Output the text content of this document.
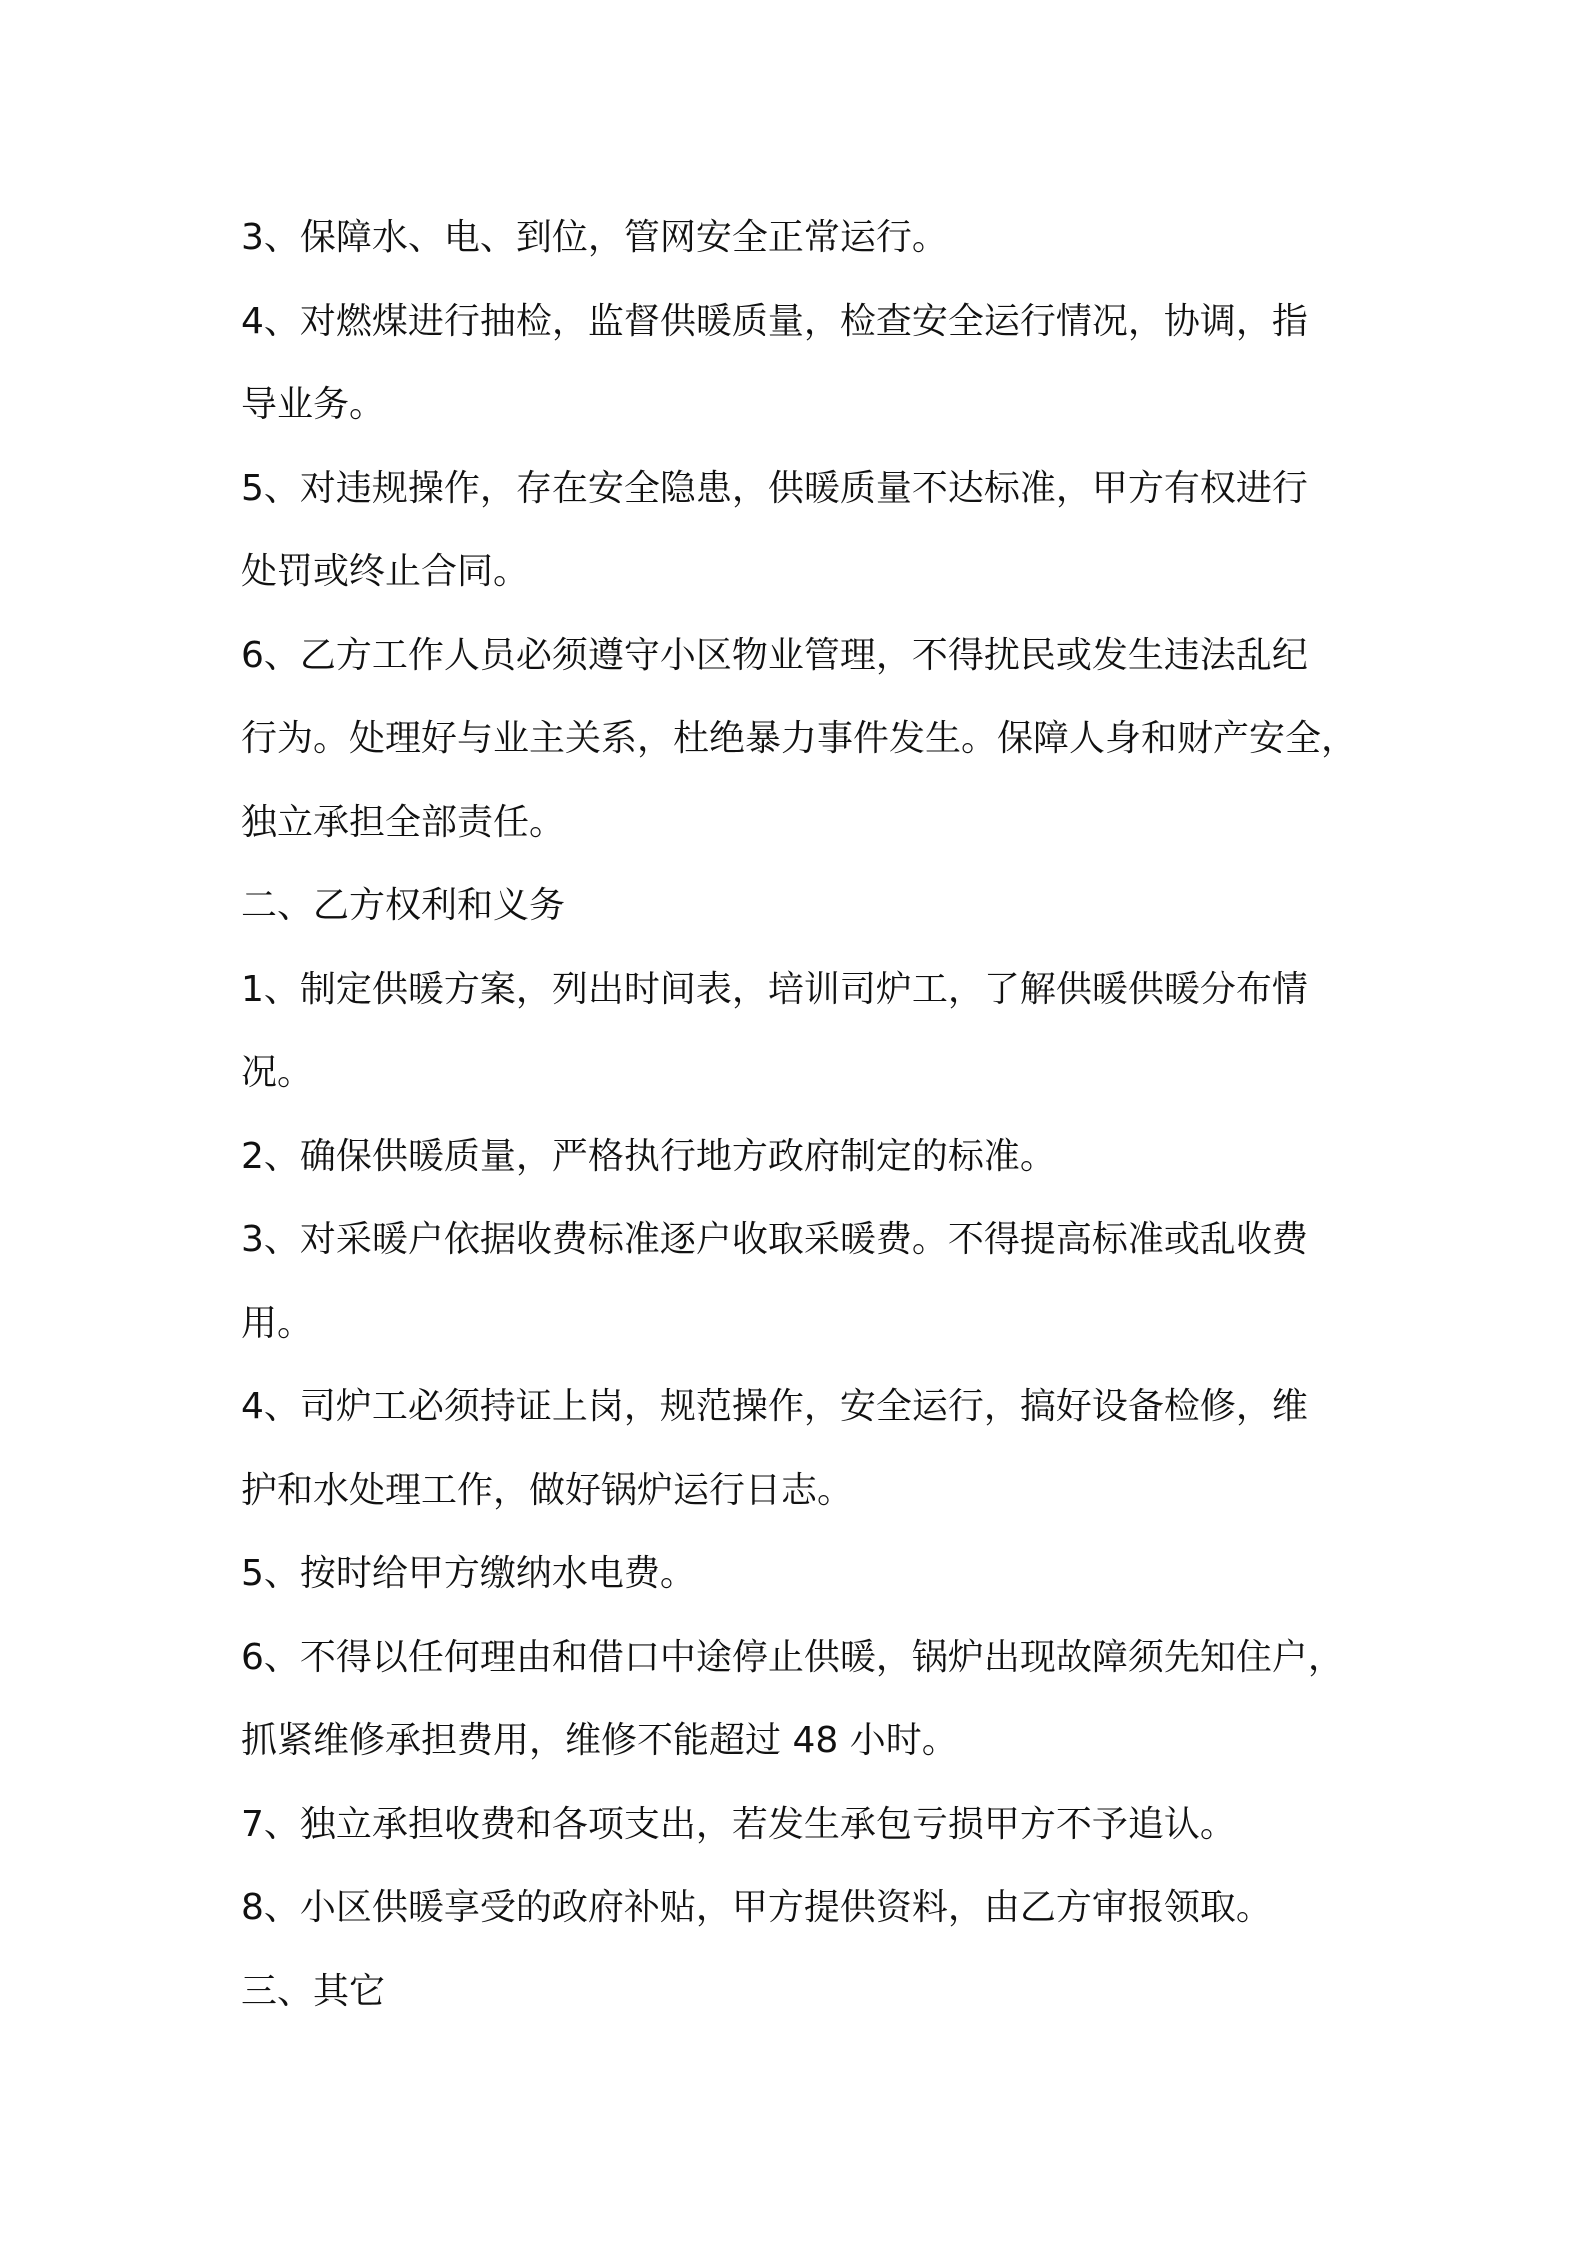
3、保障水、电、到位，管网安全正常运行。

4、对燃煤进行抽检，监督供暖质量，检查安全运行情况，协调，指
导业务。

5、对违规操作，存在安全隐患，供暖质量不达标准，甲方有权进行
处罚或终止合同。

6、乙方工作人员必须遵守小区物业管理，不得扰民或发生违法乱纪
行为。处理好与业主关系，杜绝暴力事件发生。保障人身和财产安全，
独立承担全部责任。

二、乙方权利和义务

1、制定供暖方案，列出时间表，培训司炉工，了解供暖供暖分布情
况。

2、确保供暖质量，严格执行地方政府制定的标准。

3、对采暖户依据收费标准逐户收取采暖费。不得提高标准或乱收费
用。

4、司炉工必须持证上岗，规范操作，安全运行，搞好设备检修，维
护和水处理工作，做好锅炉运行日志。

5、按时给甲方缴纳水电费。

6、不得以任何理由和借口中途停止供暖，锅炉出现故障须先知住户，
抓紧维修承担费用，维修不能超过 48 小时。

7、独立承担收费和各项支出，若发生承包亏损甲方不予追认。

8、小区供暖享受的政府补贴，甲方提供资料，由乙方审报领取。

三、其它
